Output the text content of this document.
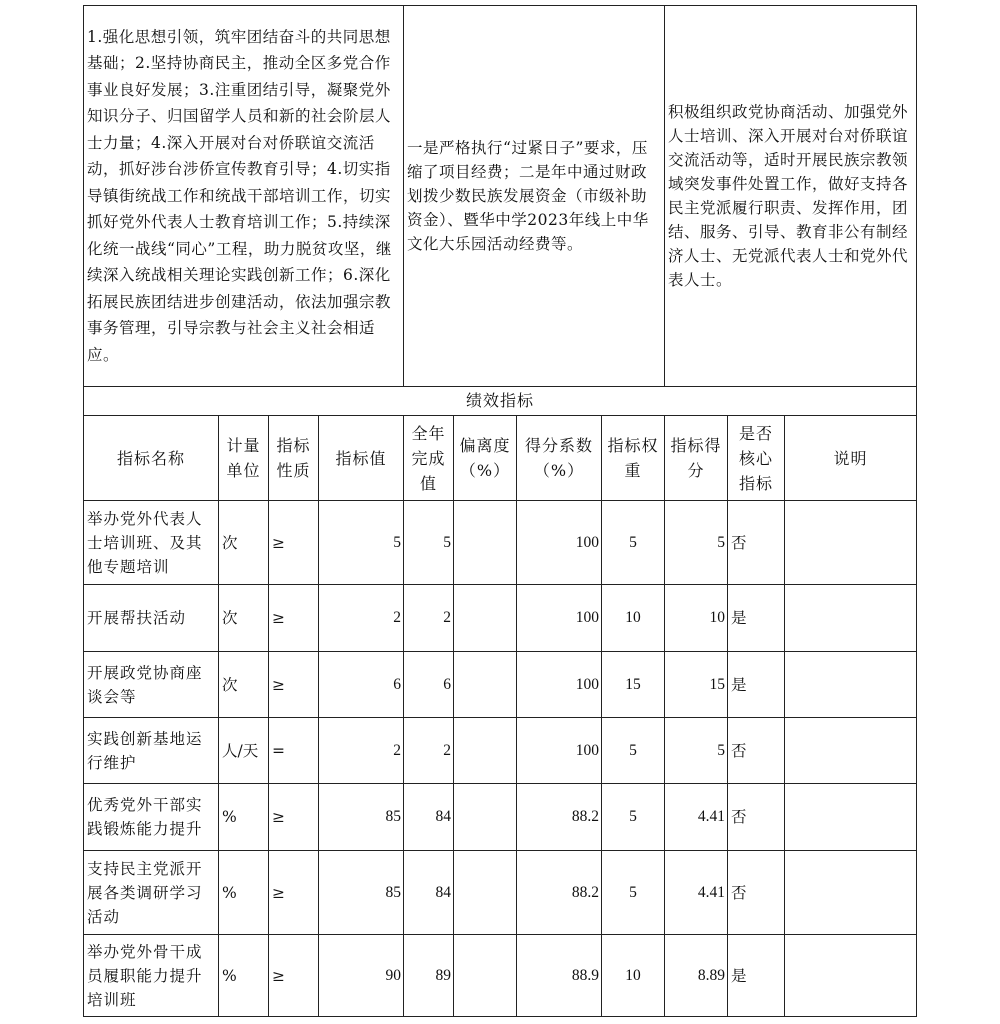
1.强化思想引领，筑牢团结奋斗的共同思想基础；2.坚持协商民主，推动全区多党合作事业良好发展；3.注重团结引导，凝聚党外知识分子、归国留学人员和新的社会阶层人士力量；4.深入开展对台对侨联谊交流活动，抓好涉台涉侨宣传教育引导；4.切实指导镇街统战工作和统战干部培训工作，切实抓好党外代表人士教育培训工作；5.持续深化统一战线“同心”工程，助力脱贫攻坚，继续深入统战相关理论实践创新工作；6.深化拓展民族团结进步创建活动，依法加强宗教事务管理，引导宗教与社会主义社会相适应。				一是严格执行“过紧日子”要求，压缩了项目经费；二是年中通过财政划拨少数民族发展资金（市级补助资金）、暨华中学2023年线上中华文化大乐园活动经费等。				积极组织政党协商活动、加强党外人士培训、深入开展对台对侨联谊交流活动等，适时开展民族宗教领域突发事件处置工作，做好支持各民主党派履行职责、发挥作用，团结、服务、引导、教育非公有制经济人士、无党派代表人士和党外代表人士。		
绩效指标										
指标名称	计量单位	指标性质	指标值	全年完成值	偏离度（%）	得分系数（%）	指标权重	指标得分	是否核心指标	说明
举办党外代表人士培训班、及其他专题培训	次	≥	5	5		100	5	5	否	
开展帮扶活动	次	≥	2	2		100	10	10	是	
开展政党协商座谈会等	次	≥	6	6		100	15	15	是	
实践创新基地运行维护	人/天	=	2	2		100	5	5	否	
优秀党外干部实践锻炼能力提升	%	≥	85	84		88.2	5	4.41	否	
支持民主党派开展各类调研学习活动	%	≥	85	84		88.2	5	4.41	否	
举办党外骨干成员履职能力提升培训班	%	≥	90	89		88.9	10	8.89	是	
